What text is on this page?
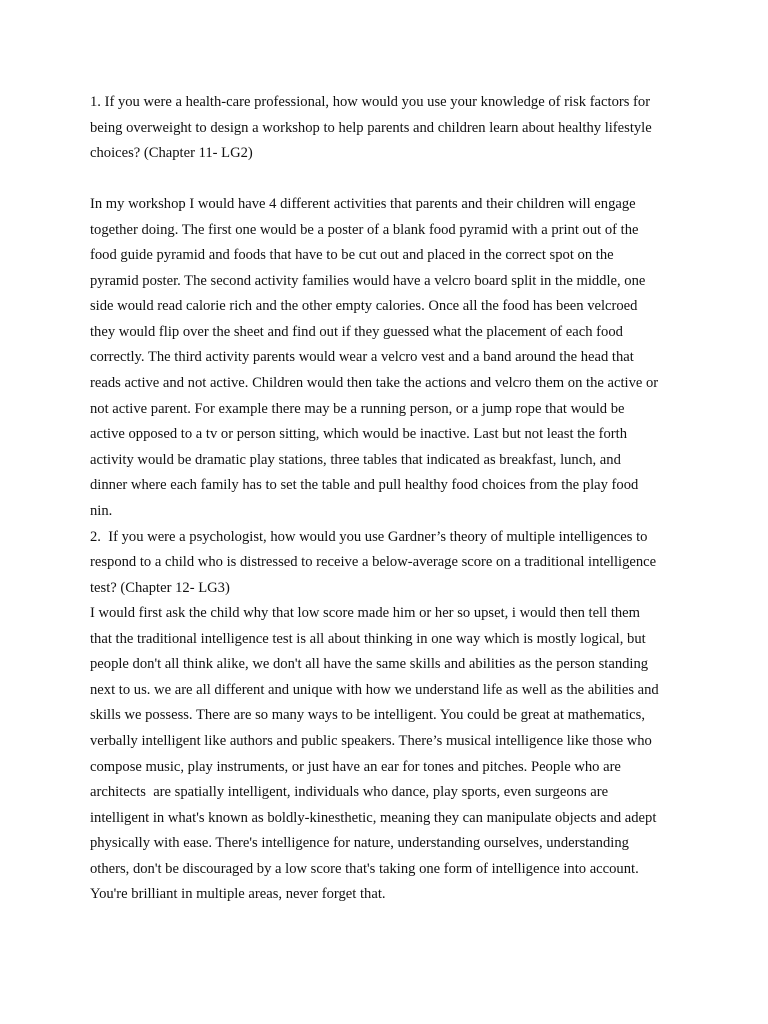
1. If you were a health-care professional, how would you use your knowledge of risk factors for

being overweight to design a workshop to help parents and children learn about healthy lifestyle

choices? (Chapter 11- LG2)

In my workshop I would have 4 different activities that parents and their children will engage

together doing. The first one would be a poster of a blank food pyramid with a print out of the

food guide pyramid and foods that have to be cut out and placed in the correct spot on the

pyramid poster. The second activity families would have a velcro board split in the middle, one

side would read calorie rich and the other empty calories. Once all the food has been velcroed

they would flip over the sheet and find out if they guessed what the placement of each food

correctly. The third activity parents would wear a velcro vest and a band around the head that

reads active and not active. Children would then take the actions and velcro them on the active or

not active parent. For example there may be a running person, or a jump rope that would be

active opposed to a tv or person sitting, which would be inactive. Last but not least the forth

activity would be dramatic play stations, three tables that indicated as breakfast, lunch, and

dinner where each family has to set the table and pull healthy food choices from the play food

nin.

2.  If you were a psychologist, how would you use Gardner’s theory of multiple intelligences to

respond to a child who is distressed to receive a below-average score on a traditional intelligence

test? (Chapter 12- LG3)

I would first ask the child why that low score made him or her so upset, i would then tell them

that the traditional intelligence test is all about thinking in one way which is mostly logical, but

people don't all think alike, we don't all have the same skills and abilities as the person standing

next to us. we are all different and unique with how we understand life as well as the abilities and

skills we possess. There are so many ways to be intelligent. You could be great at mathematics,

verbally intelligent like authors and public speakers. There’s musical intelligence like those who

compose music, play instruments, or just have an ear for tones and pitches. People who are

architects  are spatially intelligent, individuals who dance, play sports, even surgeons are

intelligent in what's known as boldly-kinesthetic, meaning they can manipulate objects and adept

physically with ease. There's intelligence for nature, understanding ourselves, understanding

others, don't be discouraged by a low score that's taking one form of intelligence into account.

You're brilliant in multiple areas, never forget that.
